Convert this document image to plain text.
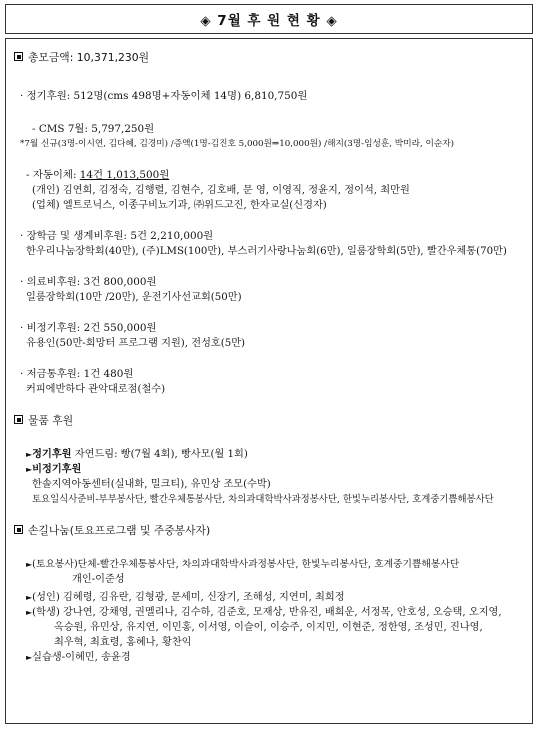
◈ 7월 후 원 현 황 ◈

총모금액: 10,371,230원

· 정기후원: 512명(cms 498명+자동이체 14명) 6,810,750원

- CMS 7월: 5,797,250원

*7월 신규(3명-이시연, 김다혜, 김경미) /증액(1명-김진호 5,000원⇒10,000원) /해지(3명-임성훈, 박미라, 이순자)

- 자동이체: 14건 1,013,500원

(개인) 김연희, 김정숙, 김행렬, 김현수, 김호배, 문 영, 이영직, 정윤지, 정이석, 최만원

(업체) 엘트로닉스, 이종구비뇨기과, ㈜위드고진, 한자교실(신경자)

· 장학금 및 생계비후원: 5건 2,210,000원

한우리나눔장학회(40만), (주)LMS(100만), 부스러기사랑나눔회(6만), 일룸장학회(5만), 빨간우체통(70만)

· 의료비후원: 3건 800,000원

일룸장학회(10만 /20만), 운전기사선교회(50만)

· 비정기후원: 2건 550,000원

유용인(50만-희망터 프로그램 지원), 전성호(5만)

· 저금통후원: 1건 480원

커피에반하다 관악대로점(철수)

물품 후원

►정기후원 자연드림: 빵(7월 4회), 빵사모(월 1회)

►비정기후원

한솔지역아동센터(실내화, 밀크티), 유민상 조모(수박)

토요일식사준비-부부봉사단, 빨간우체통봉사단, 차의과대학박사과정봉사단, 한빛누리봉사단, 호계중기쁨해봉사단

손길나눔(토요프로그램 및 주중봉사자)

►(토요봉사)단체-빨간우체통봉사단, 차의과대학박사과정봉사단, 한빛누리봉사단, 호계중기쁨해봉사단

개인-이준성

►(성인) 김혜령, 김유란, 김형광, 문세미, 신장기, 조해성, 지연미, 최희정

►(학생) 강나연, 강채영, 권멜리나, 김수하, 김준호, 모재상, 반유진, 배희운, 서정목, 안호성, 오승택, 오지영,

옥승원, 유민상, 유지연, 이민홍, 이서영, 이슬이, 이승주, 이지민, 이현준, 정한영, 조성민, 진나영,

최우혁, 최효령, 홍혜나, 황찬익

►실습생-이혜민, 송윤경
